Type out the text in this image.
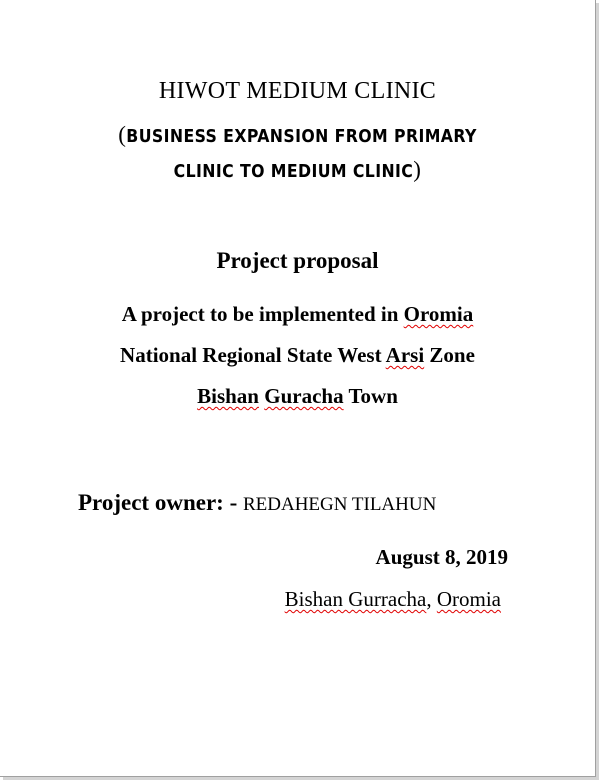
HIWOT MEDIUM CLINIC
(BUSINESS EXPANSION FROM PRIMARY
CLINIC TO MEDIUM CLINIC)
Project proposal
A project to be implemented in Oromia
National Regional State West Arsi Zone
Bishan Guracha Town
Project owner: - REDAHEGN TILAHUN
August 8, 2019
Bishan Gurracha, Oromia
